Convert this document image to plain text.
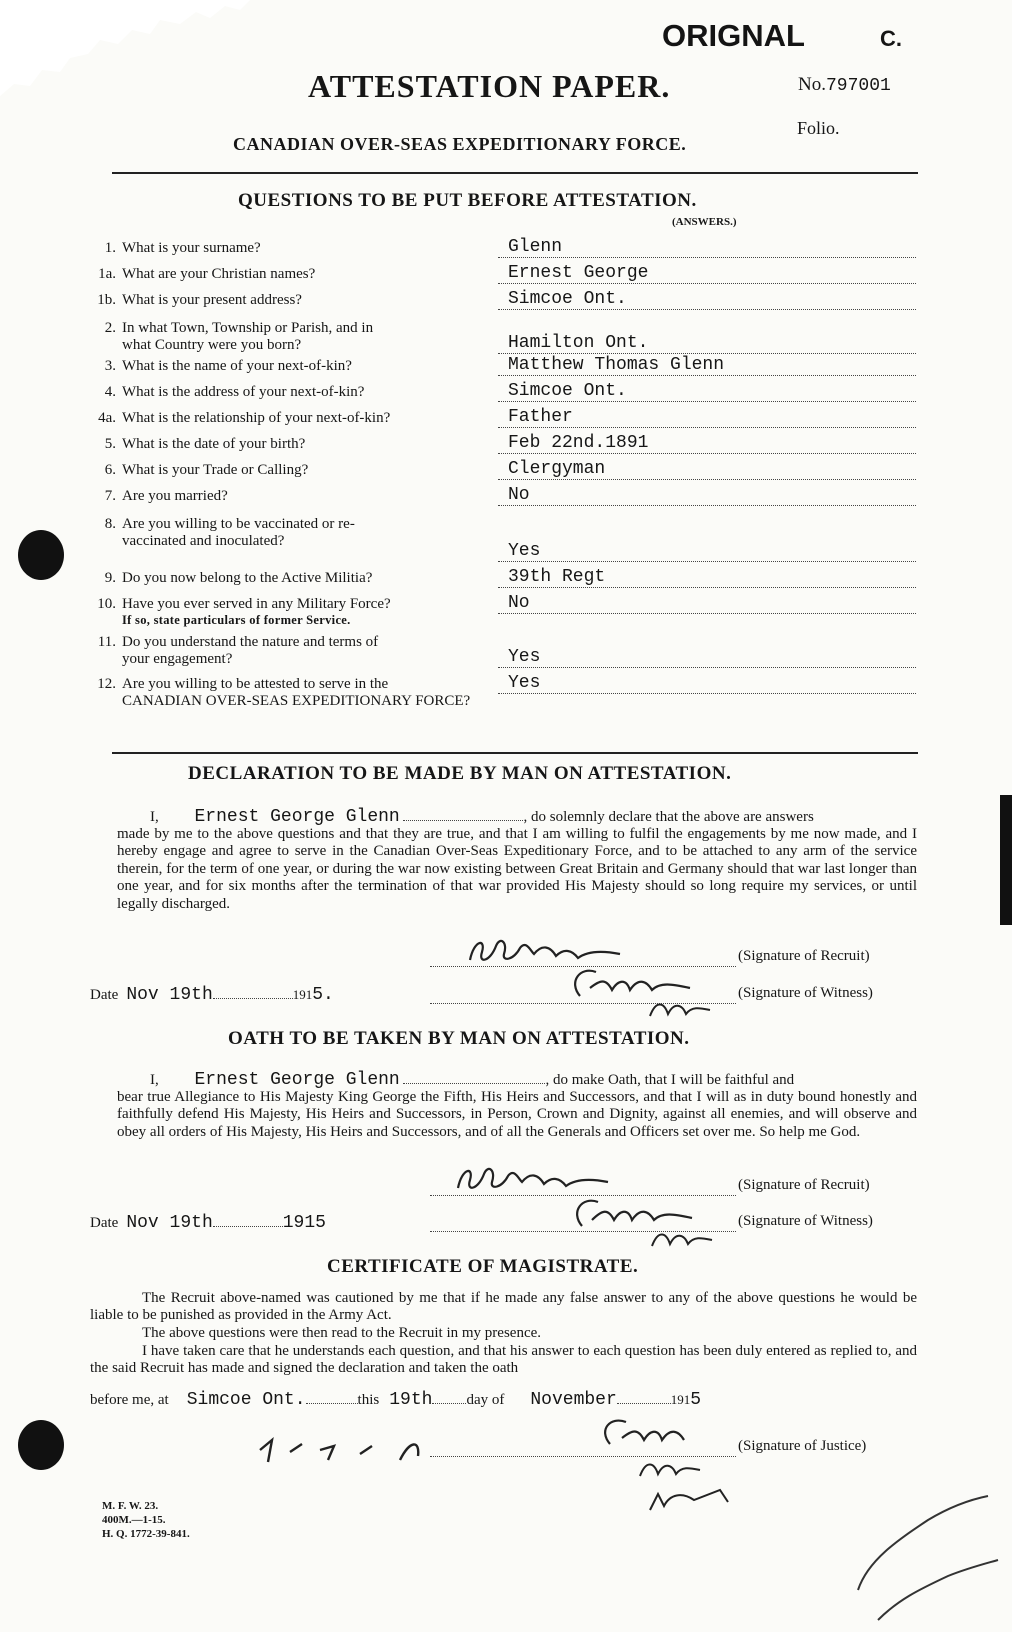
ORIGNAL	C.
ATTESTATION PAPER.	No.797001
CANADIAN OVER-SEAS EXPEDITIONARY FORCE.
Folio.
QUESTIONS TO BE PUT BEFORE ATTESTATION.
(ANSWERS.)
1. What is your surname?	Glenn
1a. What are your Christian names?	Ernest George
1b. What is your present address?	Simcoe Ont.
2. In what Town, Township or Parish, and in
what Country were you born?	Hamilton Ont.
3. What is the name of your next-of-kin?	Matthew Thomas Glenn
4. What is the address of your next-of-kin?	Simcoe Ont.
4a. What is the relationship of your next-of-kin?	Father
5. What is the date of your birth?	Feb 22nd.1891
6. What is your Trade or Calling?	Clergyman
7. Are you married?	No
8. Are you willing to be vaccinated or re-
vaccinated and inoculated?	Yes
9. Do you now belong to the Active Militia?	39th Regt
10. Have you ever served in any Military Force?
If so, state particulars of former Service.
No
11. Do you understand the nature and terms of
your engagement?	Yes
12. Are you willing to be attested to serve in the
CANADIAN OVER-SEAS EXPEDITIONARY FORCE?
Yes
DECLARATION TO BE MADE BY MAN ON ATTESTATION.
I, Ernest George Glenn	, do solemnly declare that the above are answers
made by me to the above questions and that they are true, and that I am willing to fulfil the engagements by me now made, and I hereby engage and agree to serve in the Canadian Over-Seas Expeditionary Force, and to be attached to any arm of the service therein, for the term of one year, or during the war now existing between Great Britain and Germany should that war last longer than one year, and for six months after the termination of that war provided His Majesty should so long require my services, or until legally discharged.
(Signature of Recruit)
Date Nov 19th	1915.	(Signature of Witness)
OATH TO BE TAKEN BY MAN ON ATTESTATION.
I, Ernest George Glenn	, do make Oath, that I will be faithful and
bear true Allegiance to His Majesty King George the Fifth, His Heirs and Successors, and that I will as in duty bound honestly and faithfully defend His Majesty, His Heirs and Successors, in Person, Crown and Dignity, against all enemies, and will observe and obey all orders of His Majesty, His Heirs and Successors, and of all the Generals and Officers set over me. So help me God.
(Signature of Recruit)
Date Nov 19th	1915	(Signature of Witness)
CERTIFICATE OF MAGISTRATE.
The Recruit above-named was cautioned by me that if he made any false answer to any of the above questions he would be liable to be punished as provided in the Army Act.
The above questions were then read to the Recruit in my presence.
I have taken care that he understands each question, and that his answer to each question has been duly entered as replied to, and the said Recruit has made and signed the declaration and taken the oath
before me, at Simcoe Ont.	this 19th day of November	1915
(Signature of Justice)
M. F. W. 23.
400M.—1-15.
H. Q. 1772-39-841.
